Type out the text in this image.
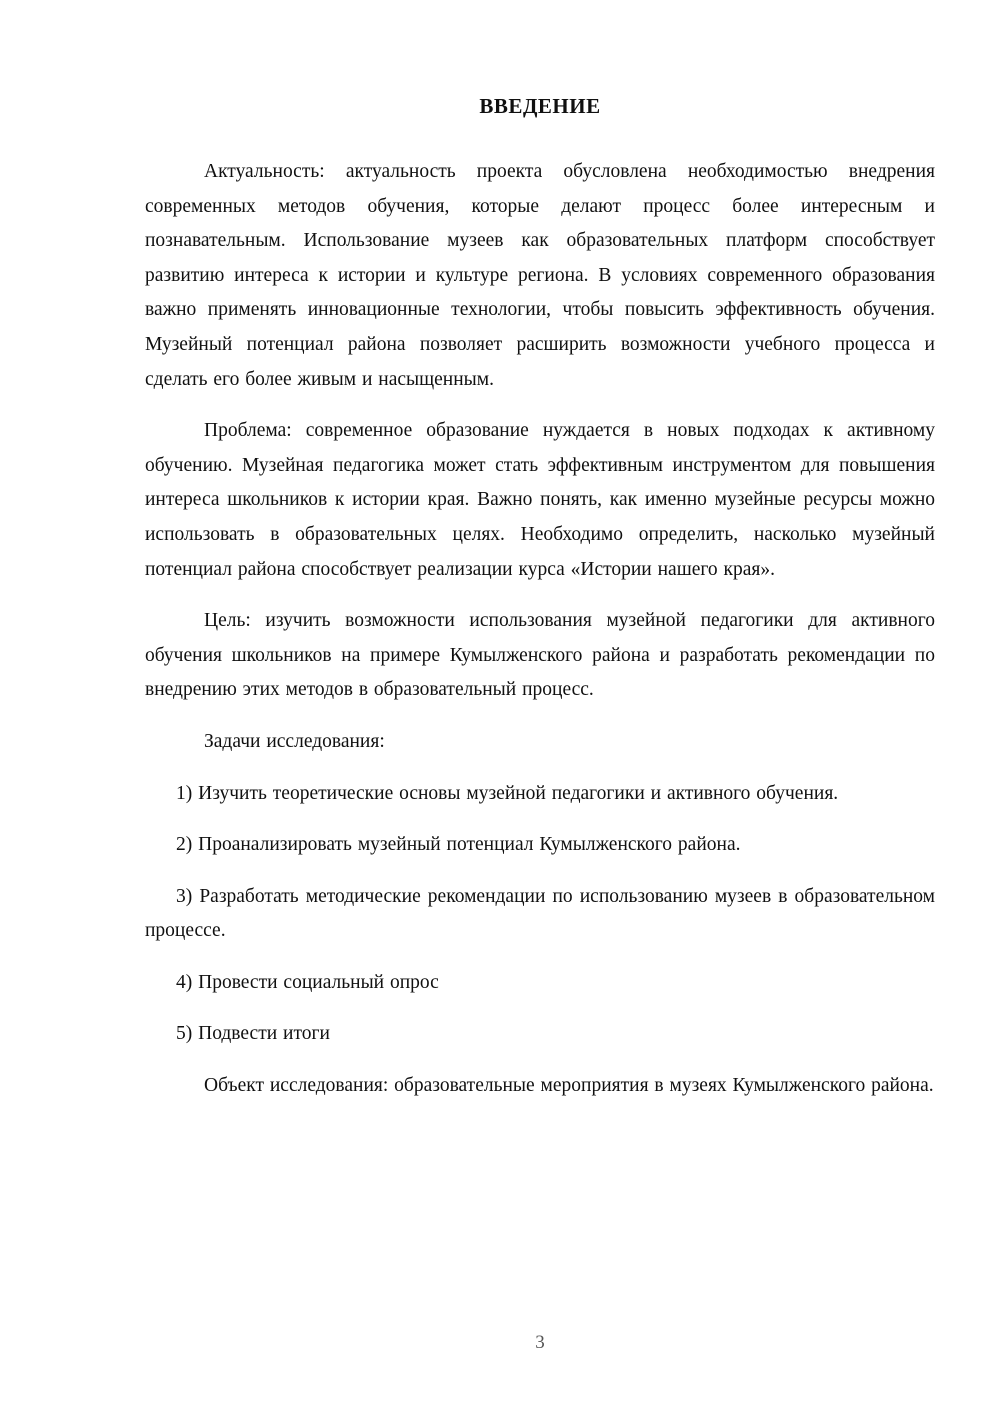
ВВЕДЕНИЕ

Актуальность: актуальность проекта обусловлена необходимостью внедрения современных методов обучения, которые делают процесс более интересным и познавательным. Использование музеев как образовательных платформ способствует развитию интереса к истории и культуре региона. В условиях современного образования важно применять инновационные технологии, чтобы повысить эффективность обучения. Музейный потенциал района позволяет расширить возможности учебного процесса и сделать его более живым и насыщенным.

Проблема: современное образование нуждается в новых подходах к активному обучению. Музейная педагогика может стать эффективным инструментом для повышения интереса школьников к истории края. Важно понять, как именно музейные ресурсы можно использовать в образовательных целях. Необходимо определить, насколько музейный потенциал района способствует реализации курса «Истории нашего края».

Цель: изучить возможности использования музейной педагогики для активного обучения школьников на примере Кумылженского района и разработать рекомендации по внедрению этих методов в образовательный процесс.

Задачи исследования:

1) Изучить теоретические основы музейной педагогики и активного обучения.

2) Проанализировать музейный потенциал Кумылженского района.

3) Разработать методические рекомендации по использованию музеев в образовательном процессе.

4) Провести социальный опрос

5) Подвести итоги

Объект исследования: образовательные мероприятия в музеях Кумылженского района.

3
